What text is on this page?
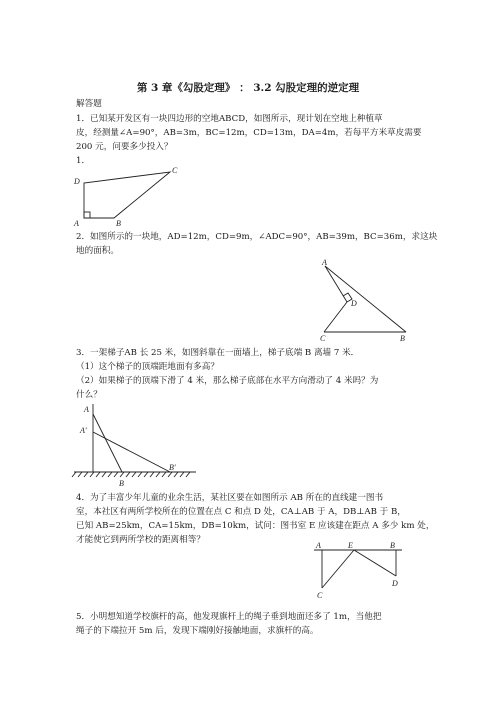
第 3 章《勾股定理》 ： 3.2 勾股定理的逆定理
解答题
1．已知某开发区有一块四边形的空地ABCD，如图所示，现计划在空地上种植草
皮，经测量∠A=90°，AB=3m，BC=12m，CD=13m，DA=4m，若每平方米草皮需要
200 元，问要多少投入？
1．
A	B
C
D
2．如图所示的一块地，AD=12m，CD=9m，∠ADC=90°，AB=39m，BC=36m，求这块
地的面积。
A
B
C
D
3．一架梯子AB 长 25 米，如图斜靠在一面墙上，梯子底端 B 离墙 7 米．
（1）这个梯子的顶端距地面有多高？
（2）如果梯子的顶端下滑了 4 米，那么梯子底部在水平方向滑动了 4 米吗？为
什么？
A
A′
B
B′
4．为了丰富少年儿童的业余生活，某社区要在如图所示 AB 所在的直线建一图书
室，本社区有两所学校所在的位置在点 C 和点 D 处，CA⊥AB 于 A，DB⊥AB 于 B，
已知 AB=25km，CA=15km，DB=10km，试问：图书室 E 应该建在距点 A 多少 km 处，
才能使它到两所学校的距离相等？
A	E	B
C
D
5．小明想知道学校旗杆的高，他发现旗杆上的绳子垂到地面还多了 1m，当他把
绳子的下端拉开 5m 后，发现下端刚好接触地面，求旗杆的高。
